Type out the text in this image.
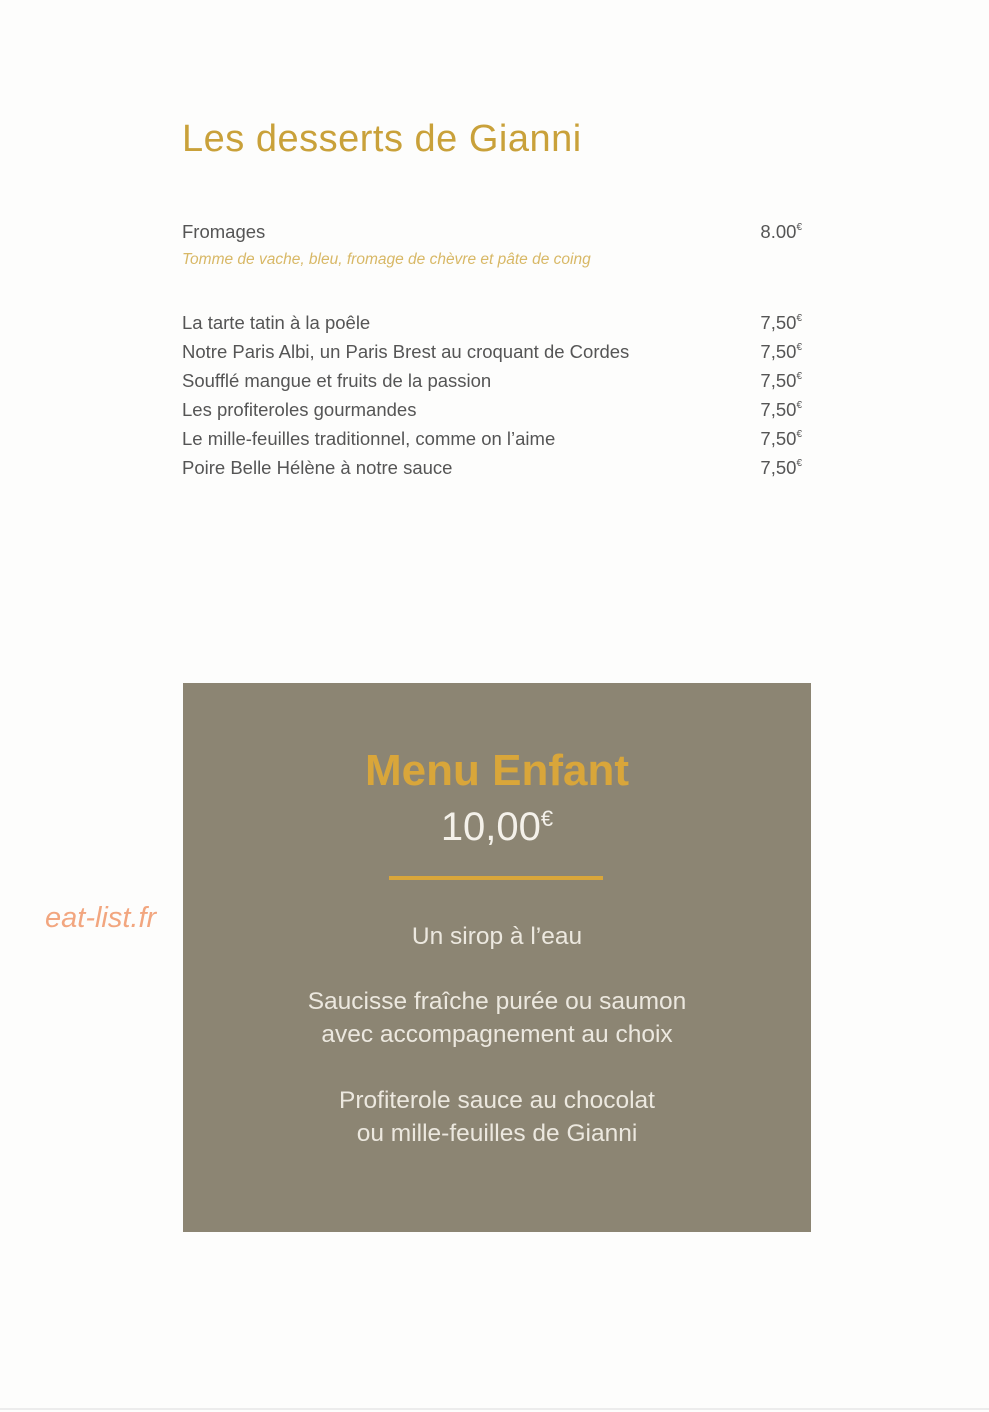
Les desserts de Gianni
Fromages	8.00€
Tomme de vache, bleu, fromage de chèvre et pâte de coing
La tarte tatin à la poêle	7,50€
Notre Paris Albi, un Paris Brest au croquant de Cordes	7,50€
Soufflé mangue et fruits de la passion	7,50€
Les profiteroles gourmandes	7,50€
Le mille-feuilles traditionnel, comme on l’aime	7,50€
Poire Belle Hélène à notre sauce	7,50€
Menu Enfant
10,00€
Un sirop à l’eau
Saucisse fraîche purée ou saumon
avec accompagnement au choix
Profiterole sauce au chocolat
ou mille-feuilles de Gianni
eat-list.fr
